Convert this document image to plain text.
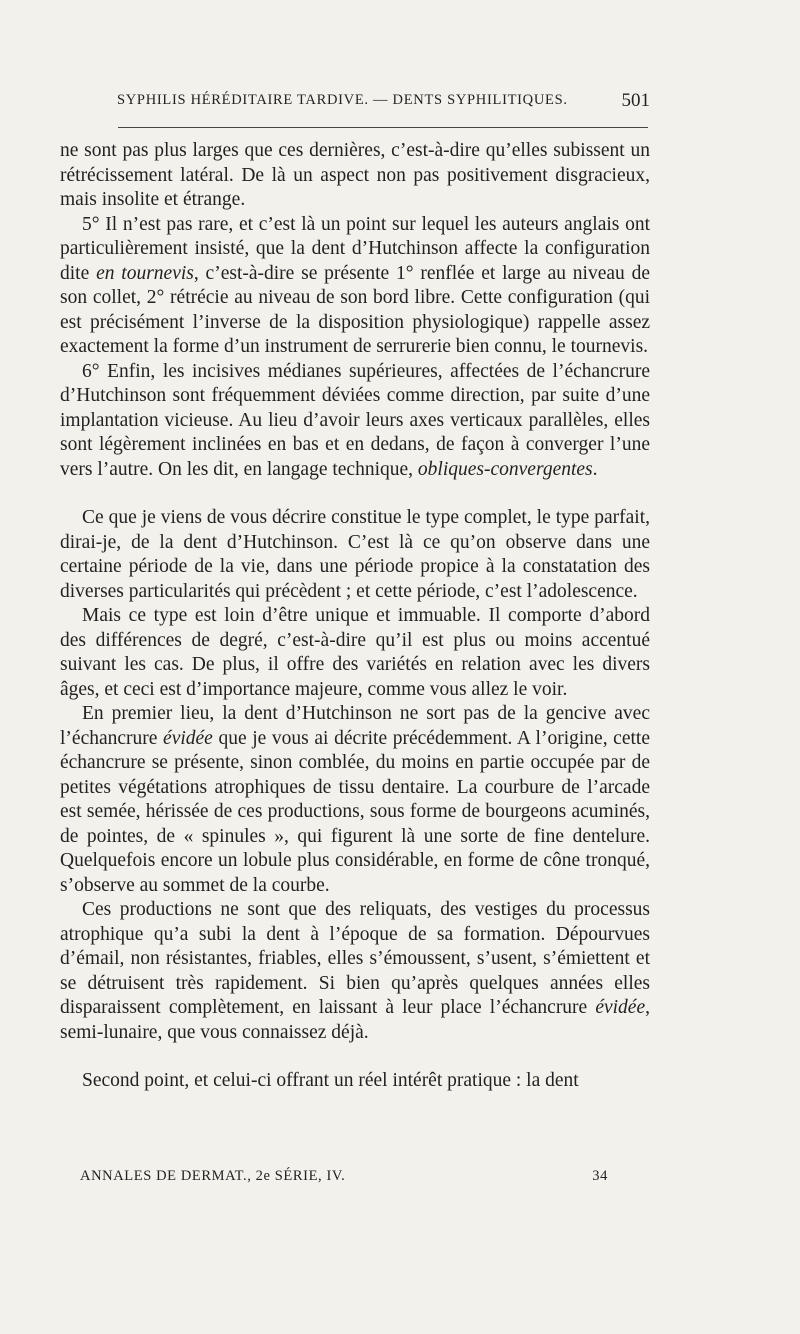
SYPHILIS HÉRÉDITAIRE TARDIVE. — DENTS SYPHILITIQUES.	501

ne sont pas plus larges que ces dernières, c’est-à-dire qu’elles subissent un rétrécissement latéral. De là un aspect non pas positivement disgracieux, mais insolite et étrange.

5° Il n’est pas rare, et c’est là un point sur lequel les auteurs anglais ont particulièrement insisté, que la dent d’Hutchinson affecte la configuration dite en tournevis, c’est-à-dire se présente 1° renflée et large au niveau de son collet, 2° rétrécie au niveau de son bord libre. Cette configuration (qui est précisément l’inverse de la disposition physiologique) rappelle assez exactement la forme d’un instrument de serrurerie bien connu, le tournevis.

6° Enfin, les incisives médianes supérieures, affectées de l’échancrure d’Hutchinson sont fréquemment déviées comme direction, par suite d’une implantation vicieuse. Au lieu d’avoir leurs axes verticaux parallèles, elles sont légèrement inclinées en bas et en dedans, de façon à converger l’une vers l’autre. On les dit, en langage technique, obliques-convergentes.

Ce que je viens de vous décrire constitue le type complet, le type parfait, dirai-je, de la dent d’Hutchinson. C’est là ce qu’on observe dans une certaine période de la vie, dans une période propice à la constatation des diverses particularités qui précèdent ; et cette période, c’est l’adolescence.

Mais ce type est loin d’être unique et immuable. Il comporte d’abord des différences de degré, c’est-à-dire qu’il est plus ou moins accentué suivant les cas. De plus, il offre des variétés en relation avec les divers âges, et ceci est d’importance majeure, comme vous allez le voir.

En premier lieu, la dent d’Hutchinson ne sort pas de la gencive avec l’échancrure évidée que je vous ai décrite précédemment. A l’origine, cette échancrure se présente, sinon comblée, du moins en partie occupée par de petites végétations atrophiques de tissu dentaire. La courbure de l’arcade est semée, hérissée de ces productions, sous forme de bourgeons acuminés, de pointes, de « spinules », qui figurent là une sorte de fine dentelure. Quelquefois encore un lobule plus considérable, en forme de cône tronqué, s’observe au sommet de la courbe.

Ces productions ne sont que des reliquats, des vestiges du processus atrophique qu’a subi la dent à l’époque de sa formation. Dépourvues d’émail, non résistantes, friables, elles s’émoussent, s’usent, s’émiettent et se détruisent très rapidement. Si bien qu’après quelques années elles disparaissent complètement, en laissant à leur place l’échancrure évidée, semi-lunaire, que vous connaissez déjà.

Second point, et celui-ci offrant un réel intérêt pratique : la dent

ANNALES DE DERMAT., 2e SÉRIE, IV.	34
